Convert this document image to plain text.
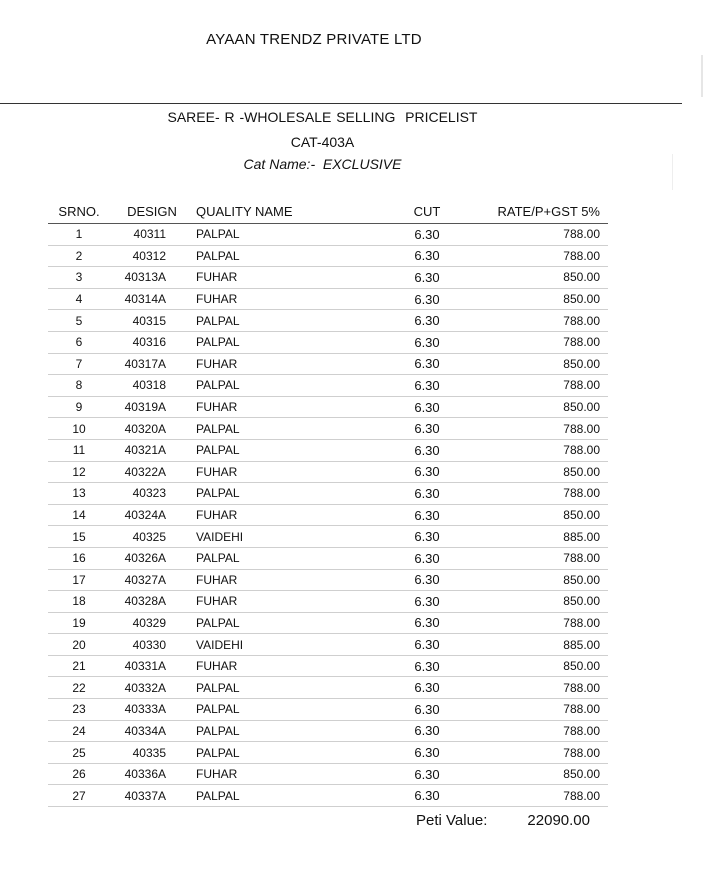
AYAAN TRENDZ PRIVATE LTD
SAREE- R -WHOLESALE SELLING  PRICELIST
CAT-403A
Cat Name:-  EXCLUSIVE
SRNO.	DESIGN	QUALITY NAME	CUT	RATE/P+GST 5%
1	40311	PALPAL	6.30	788.00
2	40312	PALPAL	6.30	788.00
3	40313A	FUHAR	6.30	850.00
4	40314A	FUHAR	6.30	850.00
5	40315	PALPAL	6.30	788.00
6	40316	PALPAL	6.30	788.00
7	40317A	FUHAR	6.30	850.00
8	40318	PALPAL	6.30	788.00
9	40319A	FUHAR	6.30	850.00
10	40320A	PALPAL	6.30	788.00
11	40321A	PALPAL	6.30	788.00
12	40322A	FUHAR	6.30	850.00
13	40323	PALPAL	6.30	788.00
14	40324A	FUHAR	6.30	850.00
15	40325	VAIDEHI	6.30	885.00
16	40326A	PALPAL	6.30	788.00
17	40327A	FUHAR	6.30	850.00
18	40328A	FUHAR	6.30	850.00
19	40329	PALPAL	6.30	788.00
20	40330	VAIDEHI	6.30	885.00
21	40331A	FUHAR	6.30	850.00
22	40332A	PALPAL	6.30	788.00
23	40333A	PALPAL	6.30	788.00
24	40334A	PALPAL	6.30	788.00
25	40335	PALPAL	6.30	788.00
26	40336A	FUHAR	6.30	850.00
27	40337A	PALPAL	6.30	788.00
Peti Value:	22090.00
